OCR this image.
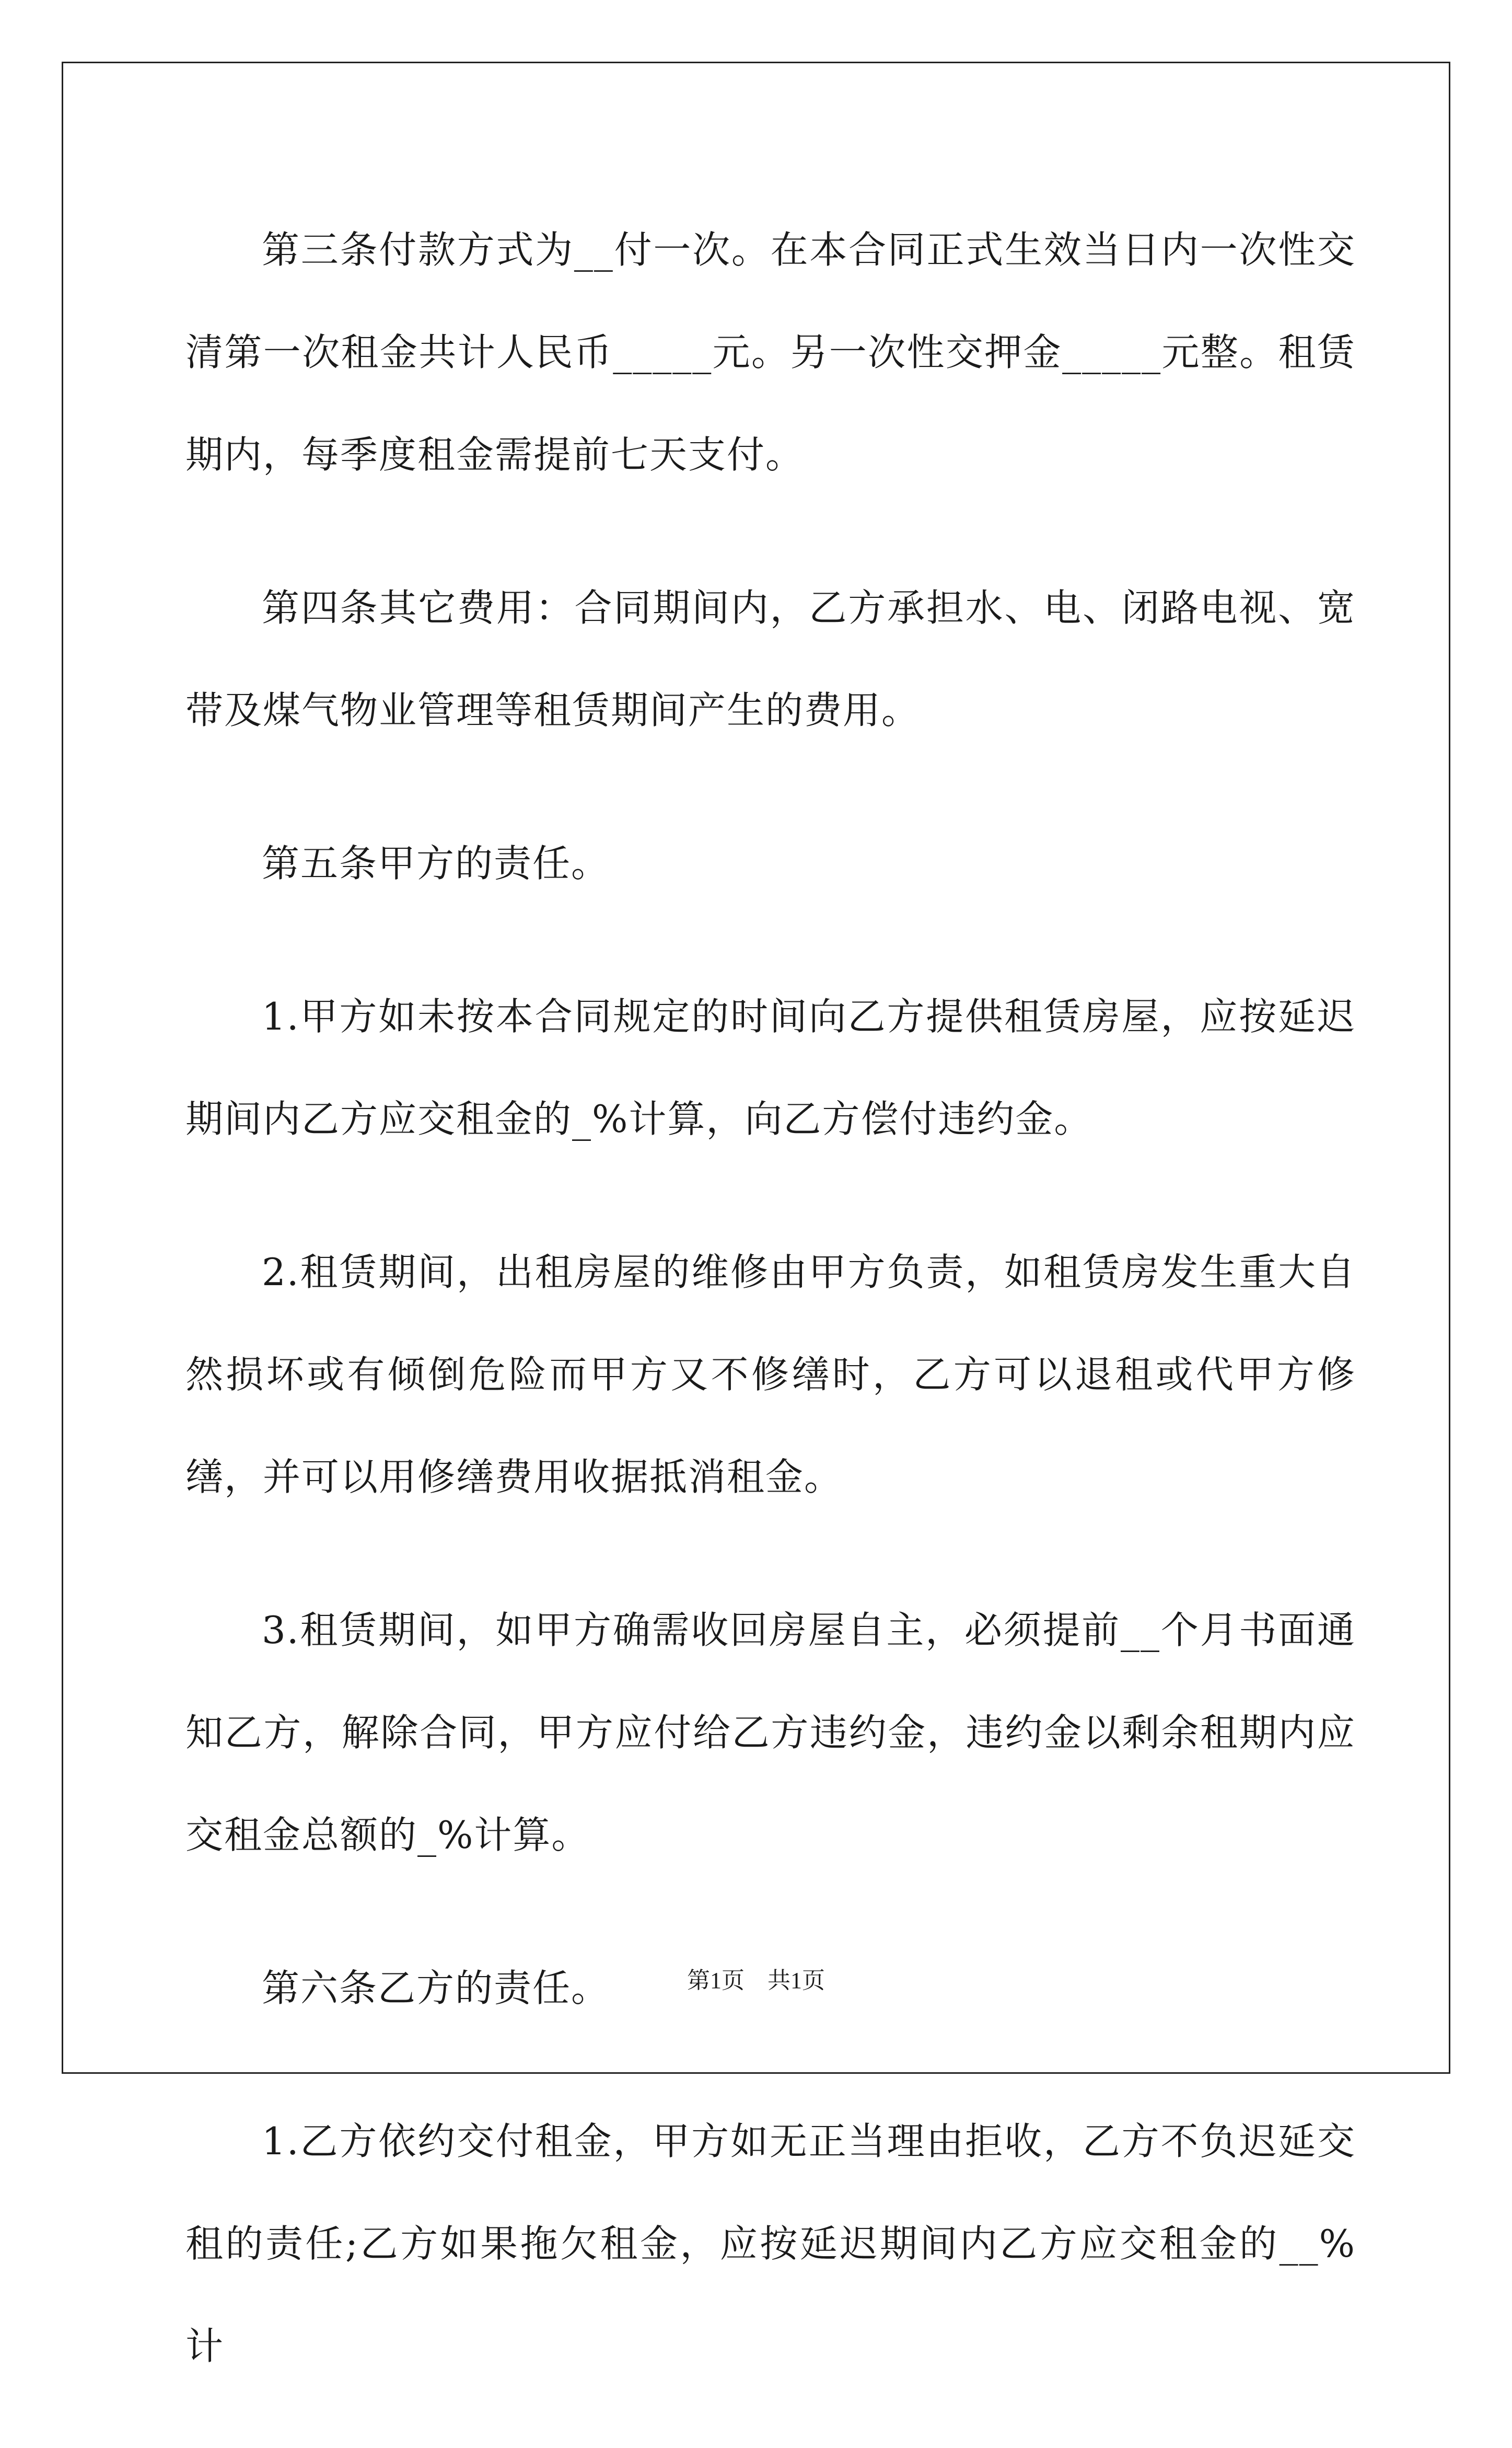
第三条付款方式为__付一次。在本合同正式生效当日内一次性交清第一次租金共计人民币_____元。另一次性交押金_____元整。租赁期内，每季度租金需提前七天支付。

第四条其它费用：合同期间内，乙方承担水、电、闭路电视、宽带及煤气物业管理等租赁期间产生的费用。

第五条甲方的责任。

1.甲方如未按本合同规定的时间向乙方提供租赁房屋，应按延迟期间内乙方应交租金的_%计算，向乙方偿付违约金。

2.租赁期间，出租房屋的维修由甲方负责，如租赁房发生重大自然损坏或有倾倒危险而甲方又不修缮时，乙方可以退租或代甲方修缮，并可以用修缮费用收据抵消租金。

3.租赁期间，如甲方确需收回房屋自主，必须提前__个月书面通知乙方，解除合同，甲方应付给乙方违约金，违约金以剩余租期内应交租金总额的_%计算。

第六条乙方的责任。

1.乙方依约交付租金，甲方如无正当理由拒收，乙方不负迟延交租的责任;乙方如果拖欠租金，应按延迟期间内乙方应交租金的__%计

第1页　共1页
